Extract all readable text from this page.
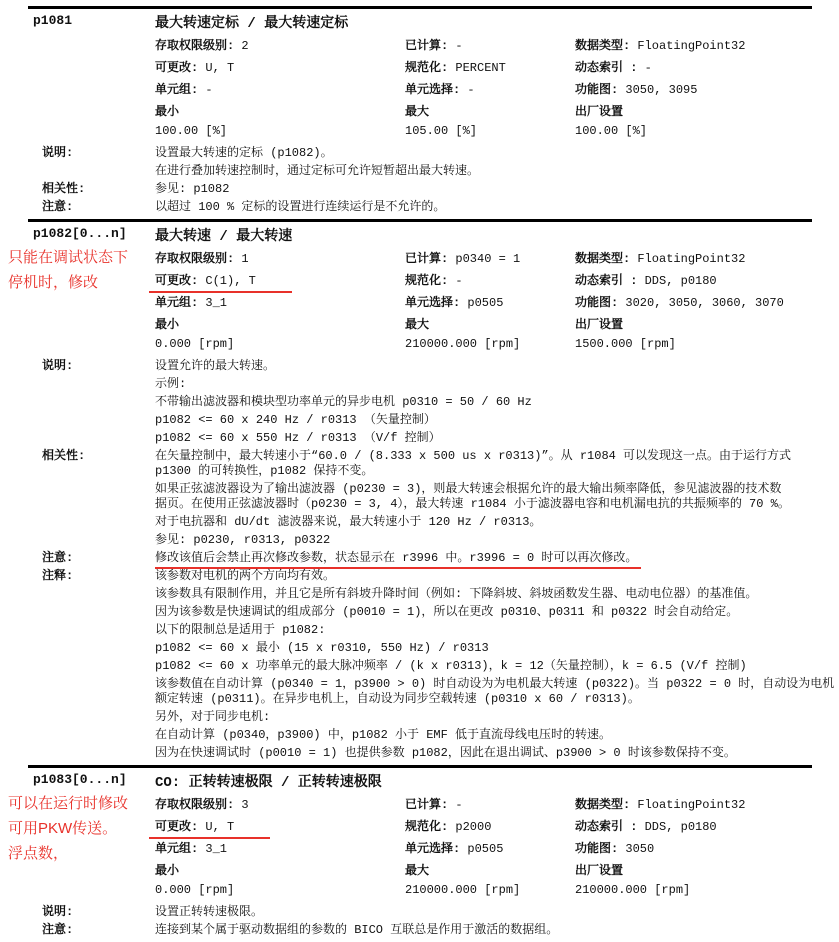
p1081	最大转速定标 / 最大转速定标
存取权限级别: 2	已计算: -	数据类型: FloatingPoint32
可更改: U, T	规范化: PERCENT	动态索引 : -
单元组: -	单元选择: -	功能图: 3050, 3095
最小	最大	出厂设置
100.00 [%]	105.00 [%]	100.00 [%]
说明:	设置最大转速的定标 (p1082)。
在进行叠加转速控制时，通过定标可允许短暂超出最大转速。
相关性:	参见: p1082
注意:	以超过 100 % 定标的设置进行连续运行是不允许的。
p1082[0...n] 最大转速 / 最大转速
存取权限级别: 1	已计算: p0340 = 1	数据类型: FloatingPoint32
可更改: C(1), T	规范化: -	动态索引 : DDS, p0180
单元组: 3_1	单元选择: p0505	功能图: 3020, 3050, 3060, 3070
最小	最大	出厂设置
0.000 [rpm]	210000.000 [rpm]	1500.000 [rpm]
说明:	设置允许的最大转速。
示例:
不带输出滤波器和模块型功率单元的异步电机 p0310 = 50 / 60 Hz
p1082 <= 60 x 240 Hz / r0313 （矢量控制）
p1082 <= 60 x 550 Hz / r0313 （V/f 控制）
相关性:	在矢量控制中，最大转速小于“60.0 / (8.333 x 500 us x r0313)”。从 r1084 可以发现这一点。由于运行方式
p1300 的可转换性，p1082 保持不变。
如果正弦滤波器设为了输出滤波器 (p0230 = 3)，则最大转速会根据允许的最大输出频率降低，参见滤波器的技术数
据页。在使用正弦滤波器时（p0230 = 3, 4），最大转速 r1084 小于滤波器电容和电机漏电抗的共振频率的 70 %。
对于电抗器和 dU/dt 滤波器来说，最大转速小于 120 Hz / r0313。
参见: p0230, r0313, p0322
注意:	修改该值后会禁止再次修改参数，状态显示在 r3996 中。r3996 = 0 时可以再次修改。
注释:	该参数对电机的两个方向均有效。
该参数具有限制作用，并且它是所有斜坡升降时间（例如: 下降斜坡、斜坡函数发生器、电动电位器）的基准值。
因为该参数是快速调试的组成部分 (p0010 = 1)，所以在更改 p0310、p0311 和 p0322 时会自动给定。
以下的限制总是适用于 p1082:
p1082 <= 60 x 最小 (15 x r0310, 550 Hz) / r0313
p1082 <= 60 x 功率单元的最大脉冲频率 / (k x r0313)，k = 12（矢量控制），k = 6.5 (V/f 控制)
该参数值在自动计算 (p0340 = 1，p3900 > 0) 时自动设为为电机最大转速 (p0322)。当 p0322 = 0 时，自动设为电机
额定转速 (p0311)。在异步电机上，自动设为同步空载转速 (p0310 x 60 / r0313)。
另外，对于同步电机:
在自动计算 (p0340，p3900) 中，p1082 小于 EMF 低于直流母线电压时的转速。
因为在快速调试时 (p0010 = 1) 也提供参数 p1082，因此在退出调试、p3900 > 0 时该参数保持不变。
只能在调试状态下
停机时，修改
p1083[0...n] CO: 正转转速极限 / 正转转速极限
存取权限级别: 3	已计算: -	数据类型: FloatingPoint32
可更改: U, T	规范化: p2000	动态索引 : DDS, p0180
单元组: 3_1	单元选择: p0505	功能图: 3050
最小	最大	出厂设置
0.000 [rpm]	210000.000 [rpm]	210000.000 [rpm]
说明:	设置正转转速极限。
注意:	连接到某个属于驱动数据组的参数的 BICO 互联总是作用于激活的数据组。
可以在运行时修改
可用PKW传送。
浮点数，
